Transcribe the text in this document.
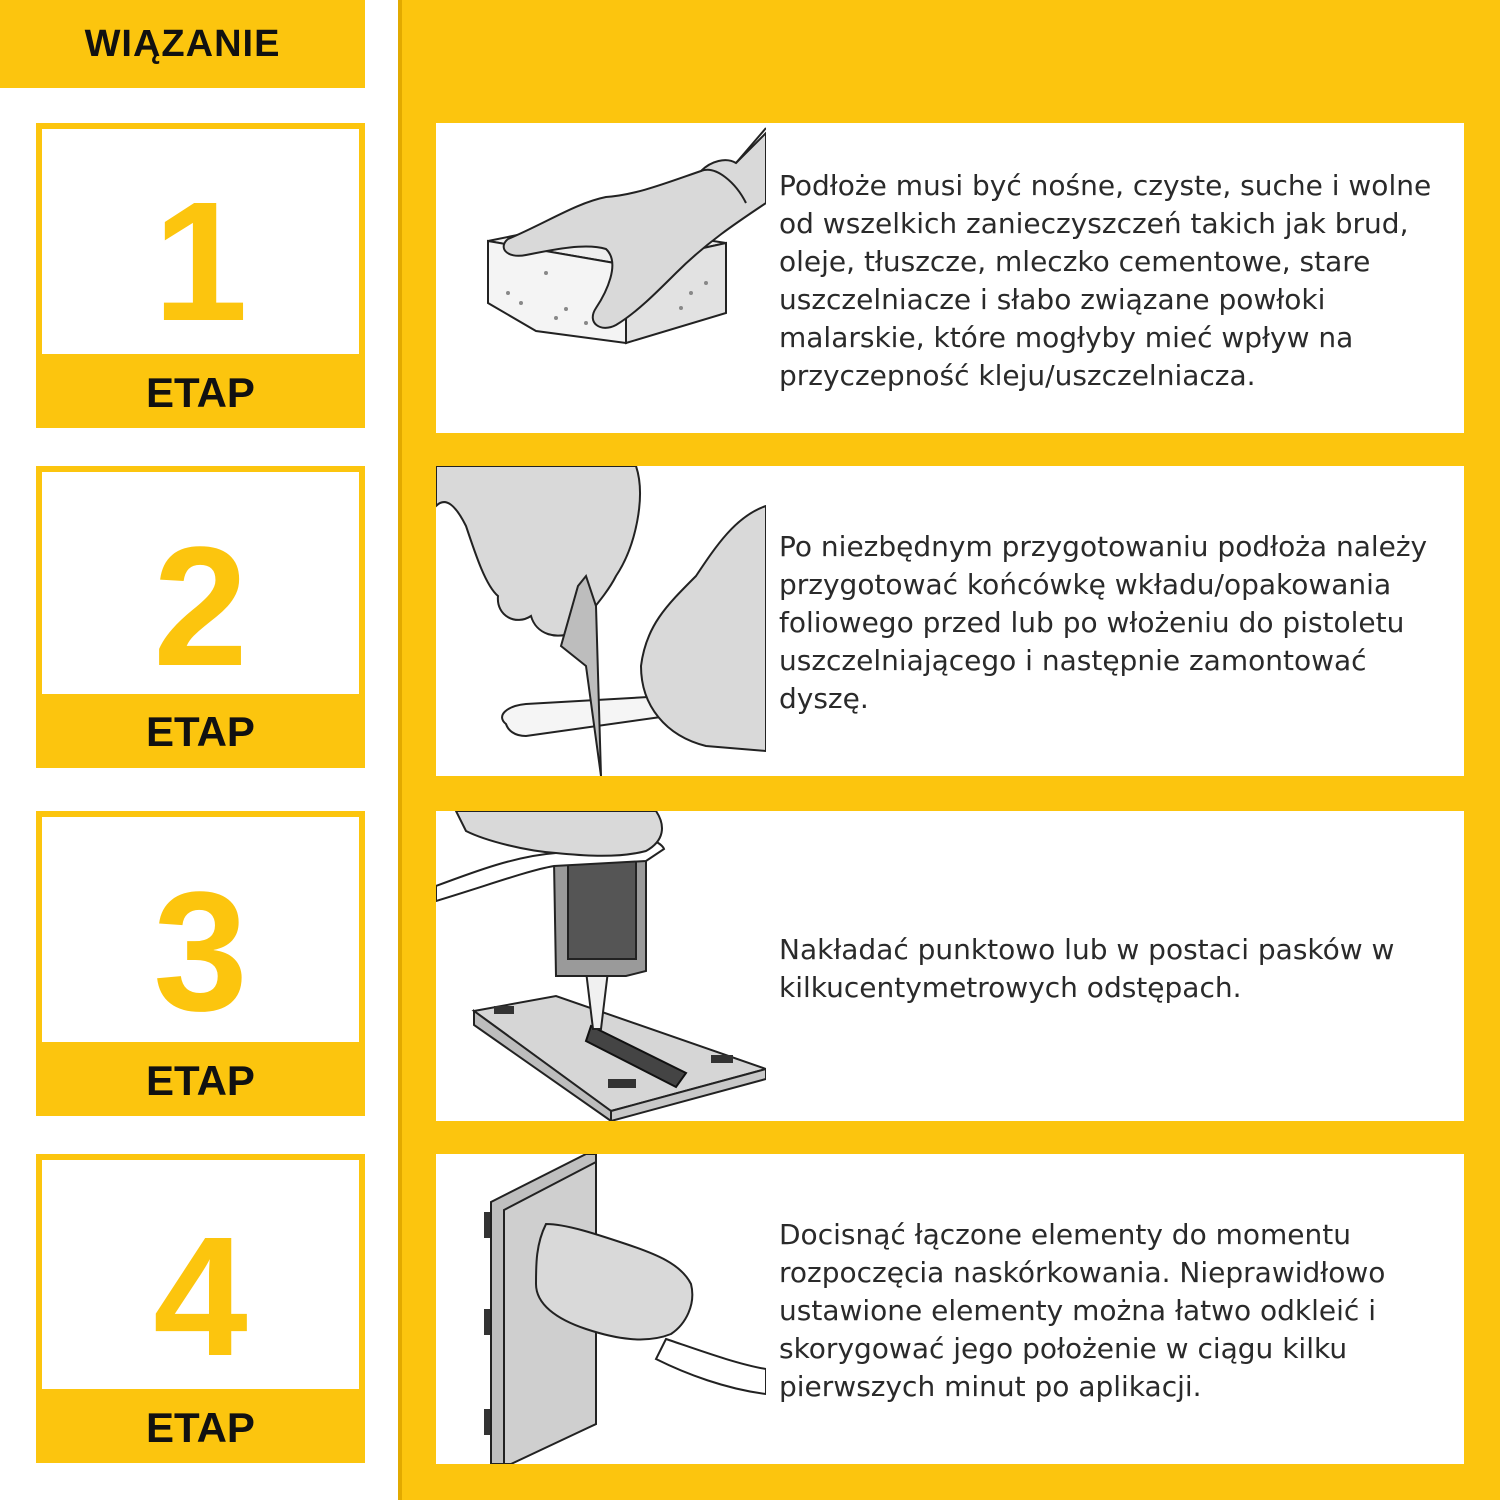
WIĄZANIE
1
ETAP
2
ETAP
3
ETAP
4
ETAP

Podłoże musi być nośne, czyste, suche i wolne od wszelkich zanieczyszczeń takich jak brud, oleje, tłuszcze, mleczko cementowe, stare uszczelniacze i słabo związane powłoki malarskie, które mogłyby mieć wpływ na przyczepność kleju/uszczelniacza.

Po niezbędnym przygotowaniu podłoża należy przygotować końcówkę wkładu/opakowania foliowego przed lub po włożeniu do pistoletu uszczelniającego i następnie zamontować dyszę.

Nakładać punktowo lub w postaci pasków w kilkucentymetrowych odstępach.

Docisnąć łączone elementy do momentu rozpoczęcia naskórkowania. Nieprawidłowo ustawione elementy można łatwo odkleić i skorygować jego położenie w ciągu kilku pierwszych minut po aplikacji.
